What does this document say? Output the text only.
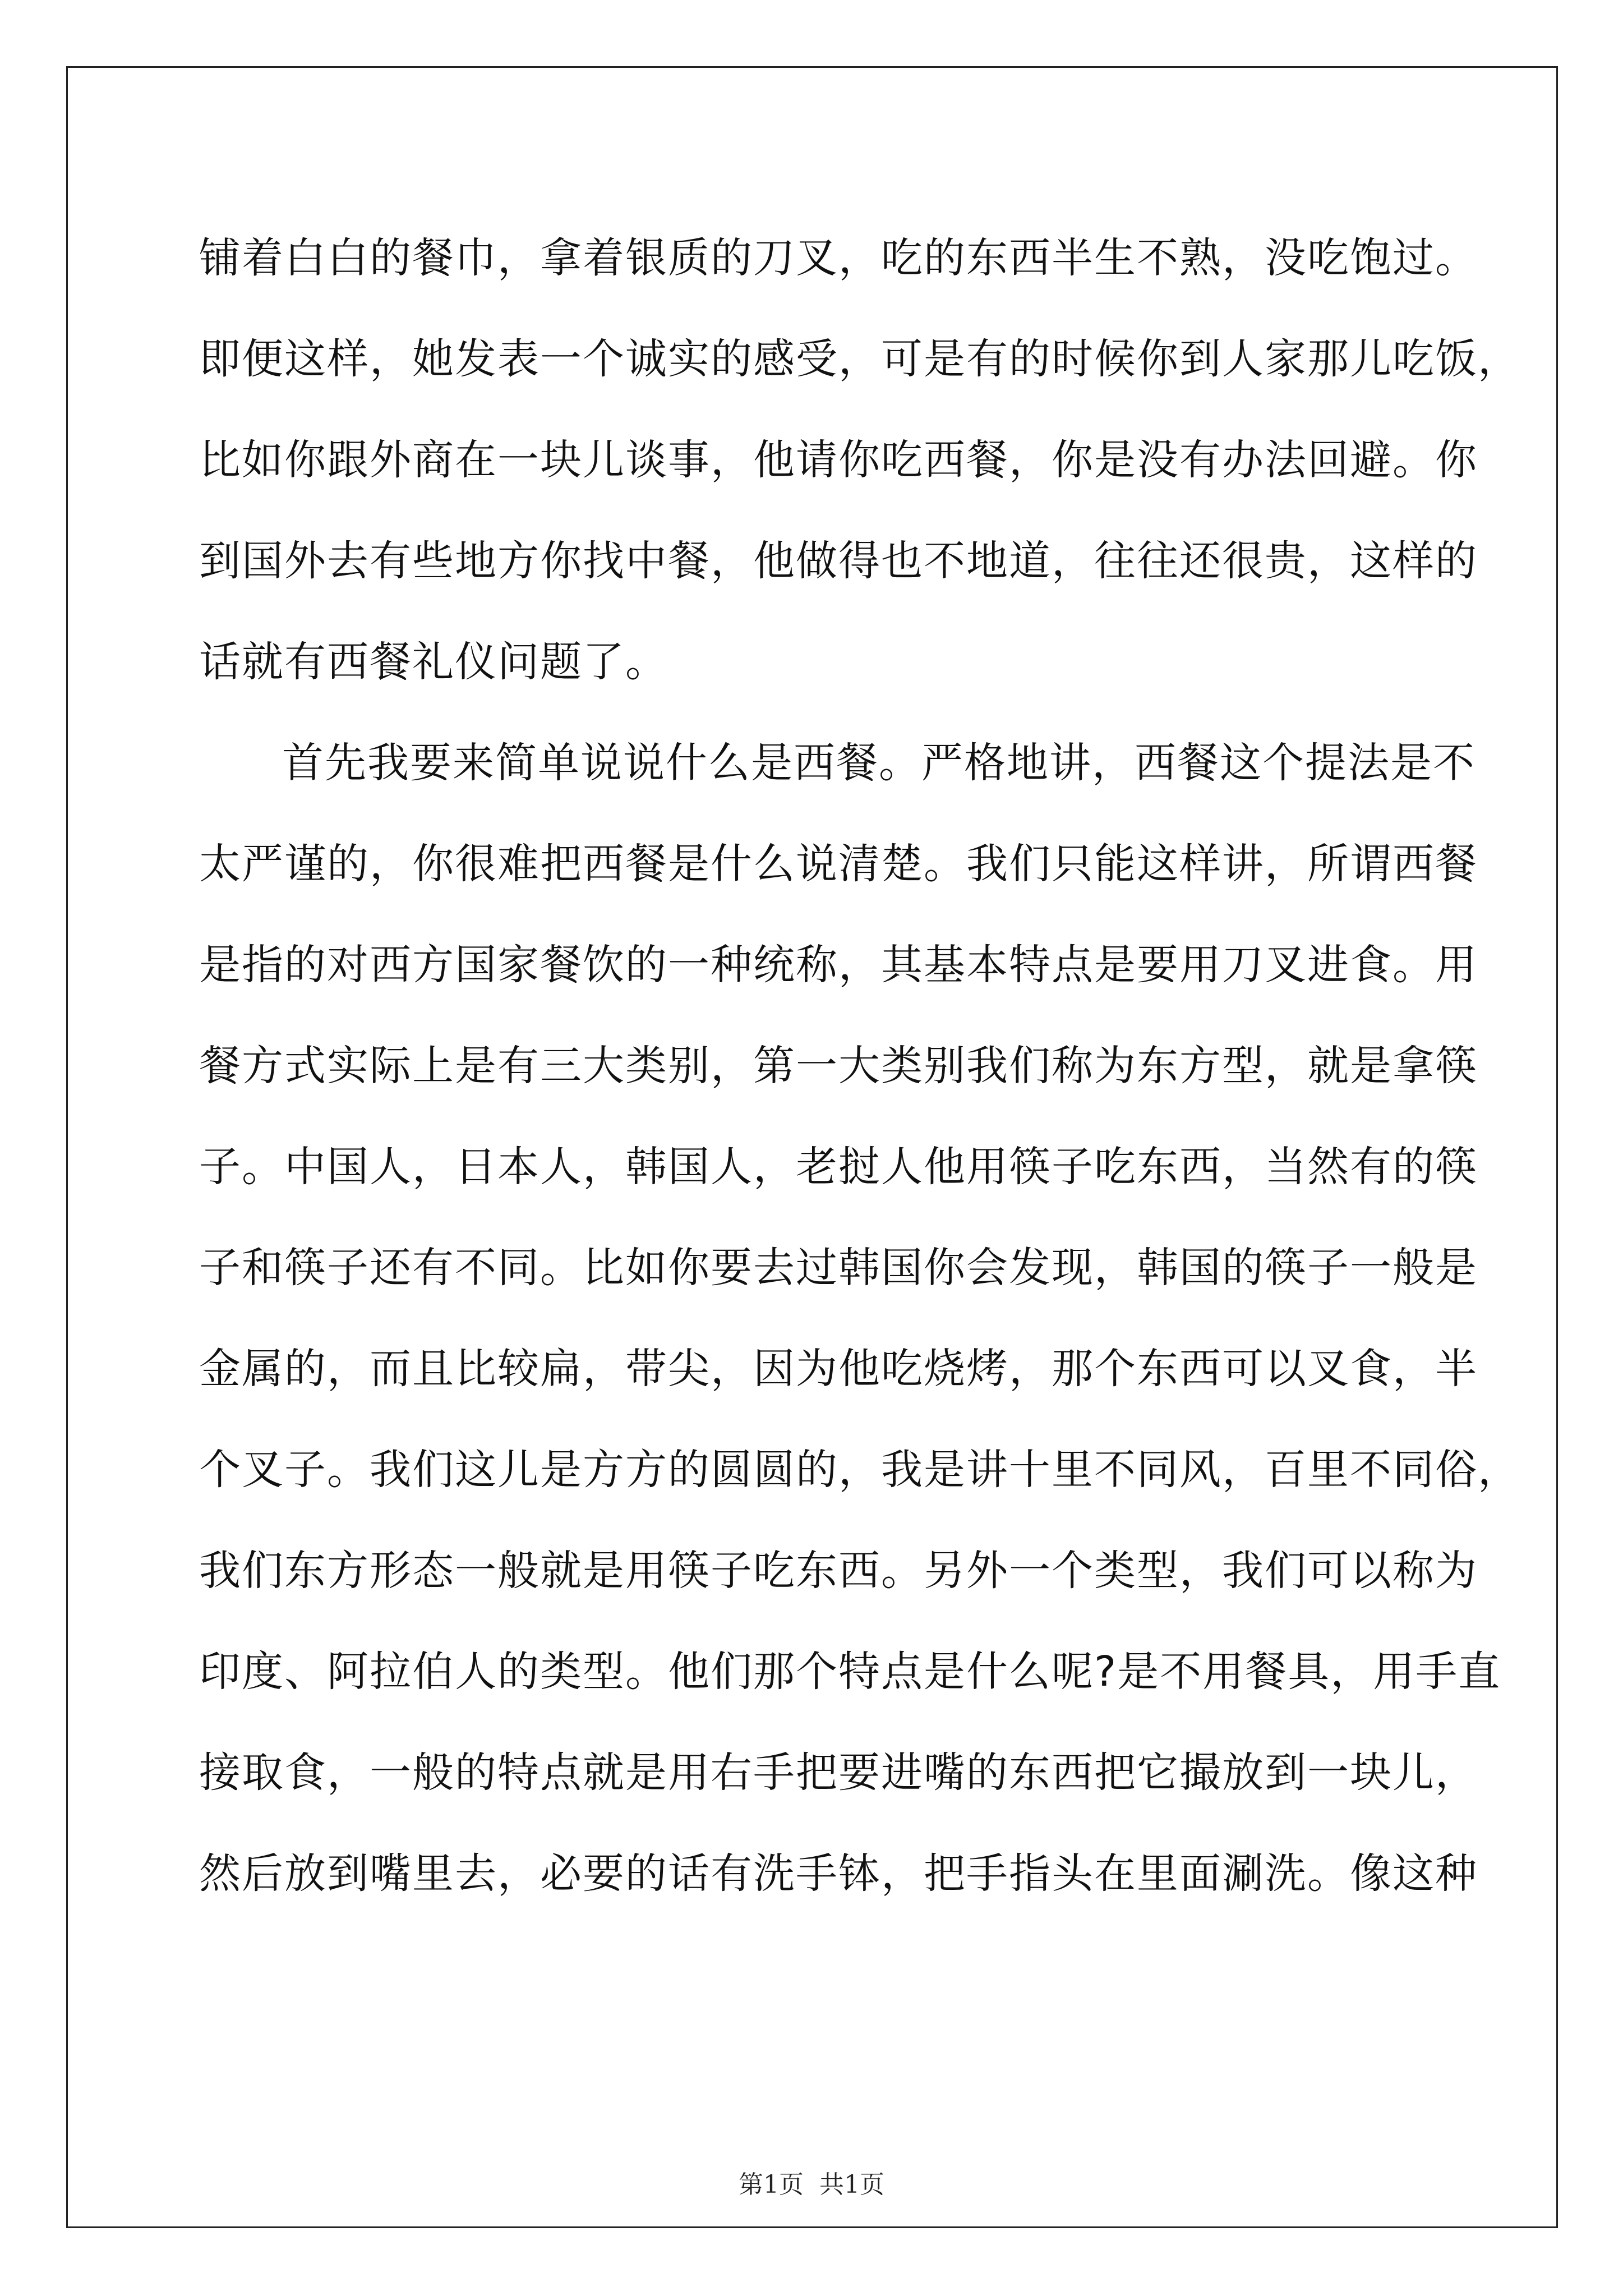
铺着白白的餐巾，拿着银质的刀叉，吃的东西半生不熟，没吃饱过。
即便这样，她发表一个诚实的感受，可是有的时候你到人家那儿吃饭，
比如你跟外商在一块儿谈事，他请你吃西餐，你是没有办法回避。你
到国外去有些地方你找中餐，他做得也不地道，往往还很贵，这样的
话就有西餐礼仪问题了。
首先我要来简单说说什么是西餐。严格地讲，西餐这个提法是不
太严谨的，你很难把西餐是什么说清楚。我们只能这样讲，所谓西餐
是指的对西方国家餐饮的一种统称，其基本特点是要用刀叉进食。用
餐方式实际上是有三大类别，第一大类别我们称为东方型，就是拿筷
子。中国人，日本人，韩国人，老挝人他用筷子吃东西，当然有的筷
子和筷子还有不同。比如你要去过韩国你会发现，韩国的筷子一般是
金属的，而且比较扁，带尖，因为他吃烧烤，那个东西可以叉食，半
个叉子。我们这儿是方方的圆圆的，我是讲十里不同风，百里不同俗，
我们东方形态一般就是用筷子吃东西。另外一个类型，我们可以称为
印度、阿拉伯人的类型。他们那个特点是什么呢?是不用餐具，用手直
接取食，一般的特点就是用右手把要进嘴的东西把它撮放到一块儿，
然后放到嘴里去，必要的话有洗手钵，把手指头在里面涮洗。像这种
第1页 共1页
